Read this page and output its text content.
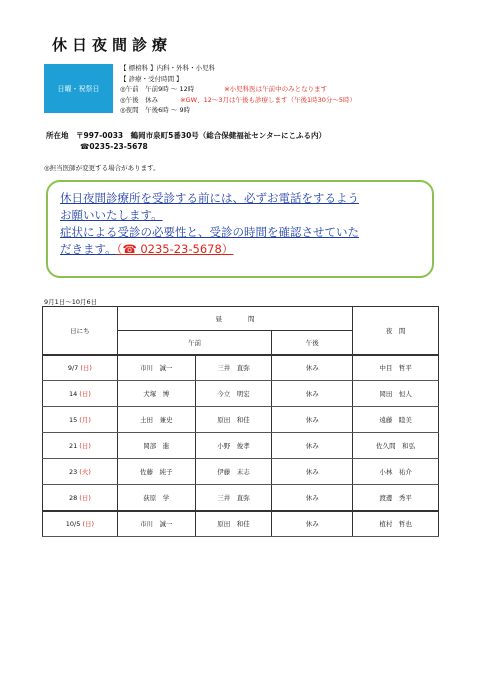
休日夜間診療
日曜・祝祭日
【 標榜科 】 内科・外科・小児科
【 診療・受付時間 】
◎午前　午前9時 ～ 12時	※小児科医は午前中のみとなります
◎午後　休み	※GW、12～3月は午後も診療します（午後1時30分～5時）
◎夜間　午後6時 ～ 9時
所在地　〒997-0033　鶴岡市泉町5番30号（総合保健福祉センターにこふる内）
☎0235-23-5678
◎担当医師が変更する場合があります。
休日夜間診療所を受診する前には、必ずお電話をするよう
お願いいたします。
症状による受診の必要性と、受診の時間を確認させていた
だきます。（☎ 0235-23-5678）
9月1日～10月6日
日にち	昼　　　　間			夜　間
	午前		午後	
9/7 (日)	市川　誠一	三井　直弥	休み	中目　哲平
14 (日)	犬塚　博	今立　明宏	休み	岡田　恒人
15 (月)	土田　兼史	原田　和佳	休み	遠藤　睦美
21 (日)	岡部　進	小野　俊孝	休み	佐久間　和弘
23 (火)	佐藤　純子	伊藤　末志	休み	小林　祐介
28 (日)	荻原　学	三井　直弥	休み	渡邊　秀平
10/5 (日)	市川　誠一	原田　和佳	休み	植村　哲也
